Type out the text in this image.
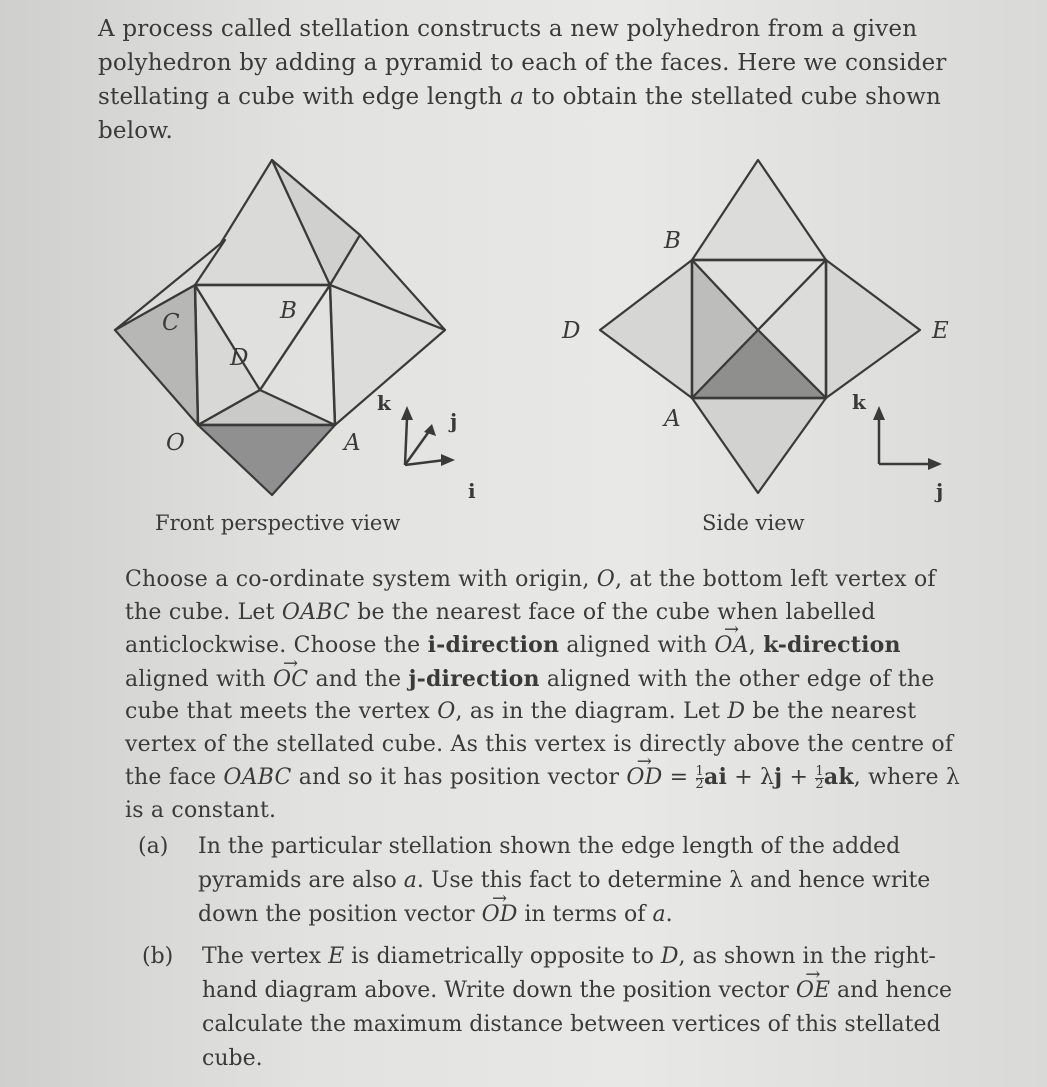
A process called stellation constructs a new polyhedron from a given polyhedron by adding a pyramid to each of the faces. Here we consider stellating a cube with edge length a to obtain the stellated cube shown below.
C	B
D
O	A
B
D	E
A
k
j
i
k
j
Front perspective view	Side view
Choose a co-ordinate system with origin, O, at the bottom left vertex of the cube. Let OABC be the nearest face of the cube when labelled anticlockwise. Choose the i-direction aligned with → OA, k-direction aligned with → OC and the j-direction aligned with the other edge of the cube that meets the vertex O, as in the diagram. Let D be the nearest vertex of the stellated cube. As this vertex is directly above the centre of the face OABC and so it has position vector → OD = $\frac{1}{2}$ ai + $\lambda j + \frac{1}{2}$ ak, where λ is a constant.
(a) In the particular stellation shown the edge length of the added pyramids are also a. Use this fact to determine λ and hence write down the position vector → OD in terms of a.
(b) The vertex E is diametrically opposite to D, as shown in the right-hand diagram above. Write down the position vector → OE and hence calculate the maximum distance between vertices of this stellated cube.
